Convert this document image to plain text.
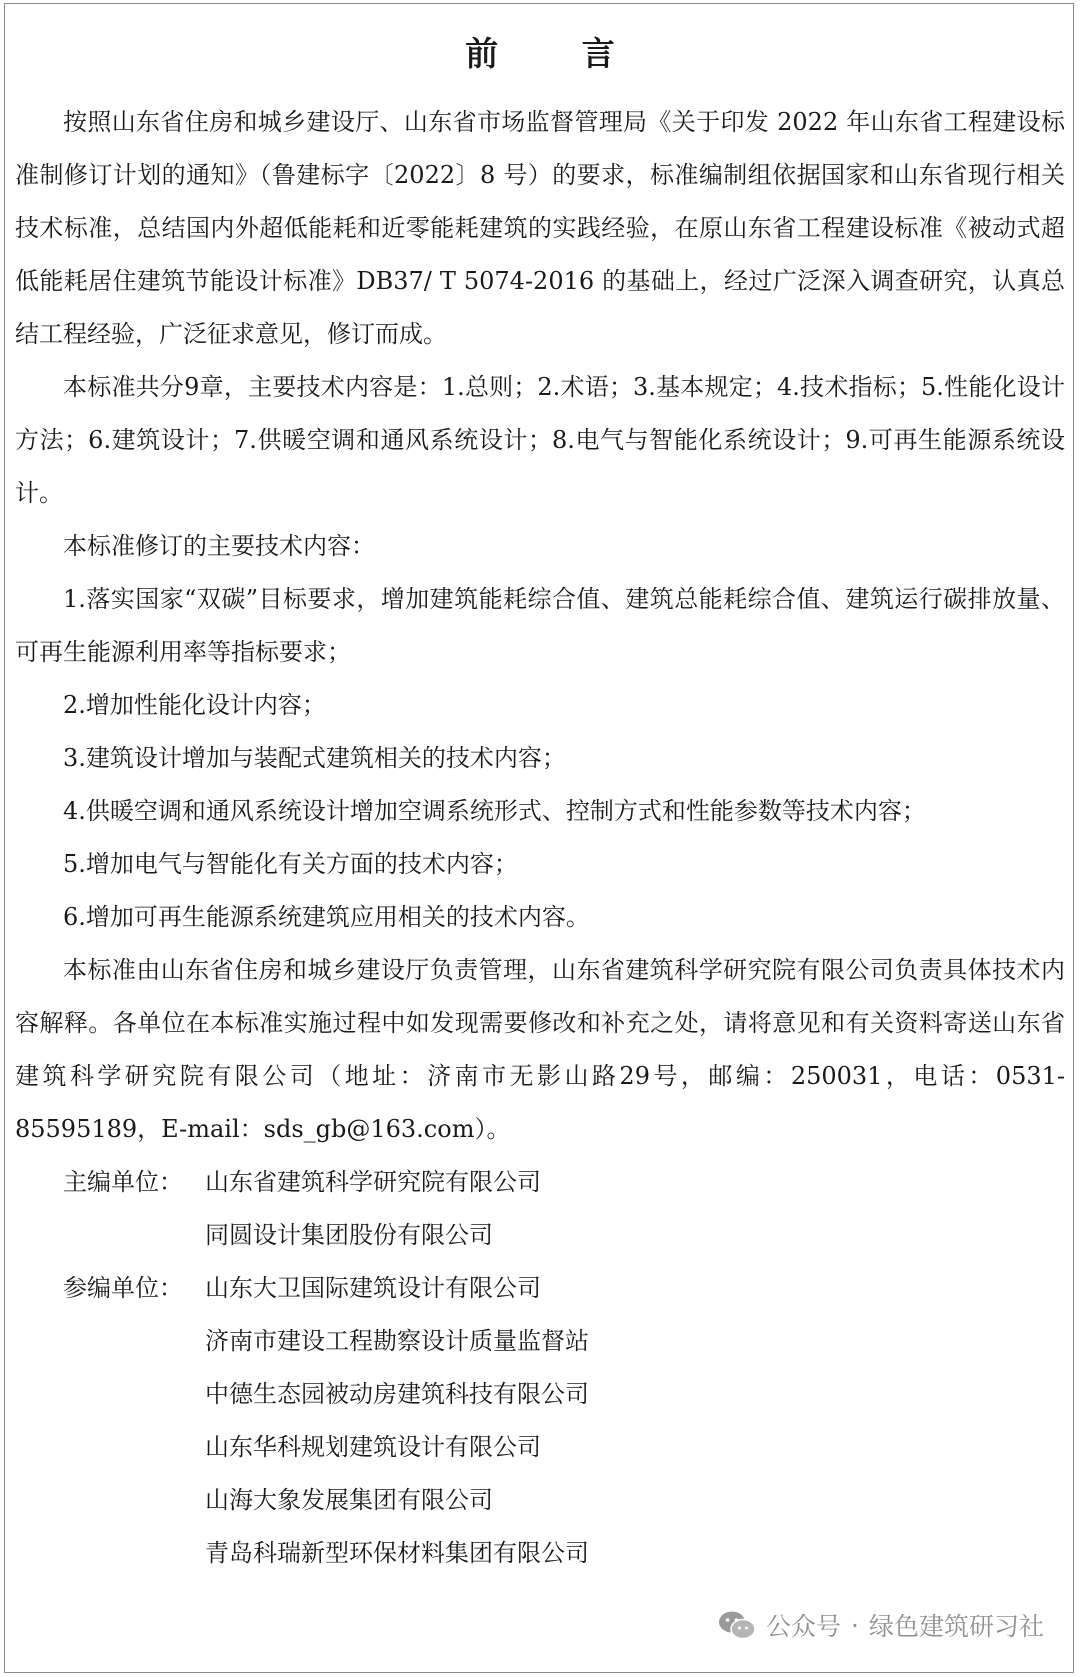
前 言

按照山东省住房和城乡建设厅、山东省市场监督管理局《关于印发 2022 年山东省工程建设标准制修订计划的通知》（鲁建标字〔2022〕8 号）的要求，标准编制组依据国家和山东省现行相关技术标准，总结国内外超低能耗和近零能耗建筑的实践经验，在原山东省工程建设标准《被动式超低能耗居住建筑节能设计标准》DB37/ T 5074-2016 的基础上，经过广泛深入调查研究，认真总结工程经验，广泛征求意见，修订而成。

本标准共分9章，主要技术内容是：1.总则；2.术语；3.基本规定；4.技术指标；5.性能化设计方法；6.建筑设计；7.供暖空调和通风系统设计；8.电气与智能化系统设计；9.可再生能源系统设计。

本标准修订的主要技术内容：

1.落实国家“双碳”目标要求，增加建筑能耗综合值、建筑总能耗综合值、建筑运行碳排放量、可再生能源利用率等指标要求；

2.增加性能化设计内容；

3.建筑设计增加与装配式建筑相关的技术内容；

4.供暖空调和通风系统设计增加空调系统形式、控制方式和性能参数等技术内容；

5.增加电气与智能化有关方面的技术内容；

6.增加可再生能源系统建筑应用相关的技术内容。

本标准由山东省住房和城乡建设厅负责管理，山东省建筑科学研究院有限公司负责具体技术内容解释。各单位在本标准实施过程中如发现需要修改和补充之处，请将意见和有关资料寄送山东省建筑科学研究院有限公司（地址：济南市无影山路29号，邮编：250031，电话：0531-85595189，E-mail：sds_gb@163.com）。

主编单位： 山东省建筑科学研究院有限公司
同圆设计集团股份有限公司
参编单位： 山东大卫国际建筑设计有限公司
济南市建设工程勘察设计质量监督站
中德生态园被动房建筑科技有限公司
山东华科规划建筑设计有限公司
山海大象发展集团有限公司
青岛科瑞新型环保材料集团有限公司
公众号 · 绿色建筑研习社
